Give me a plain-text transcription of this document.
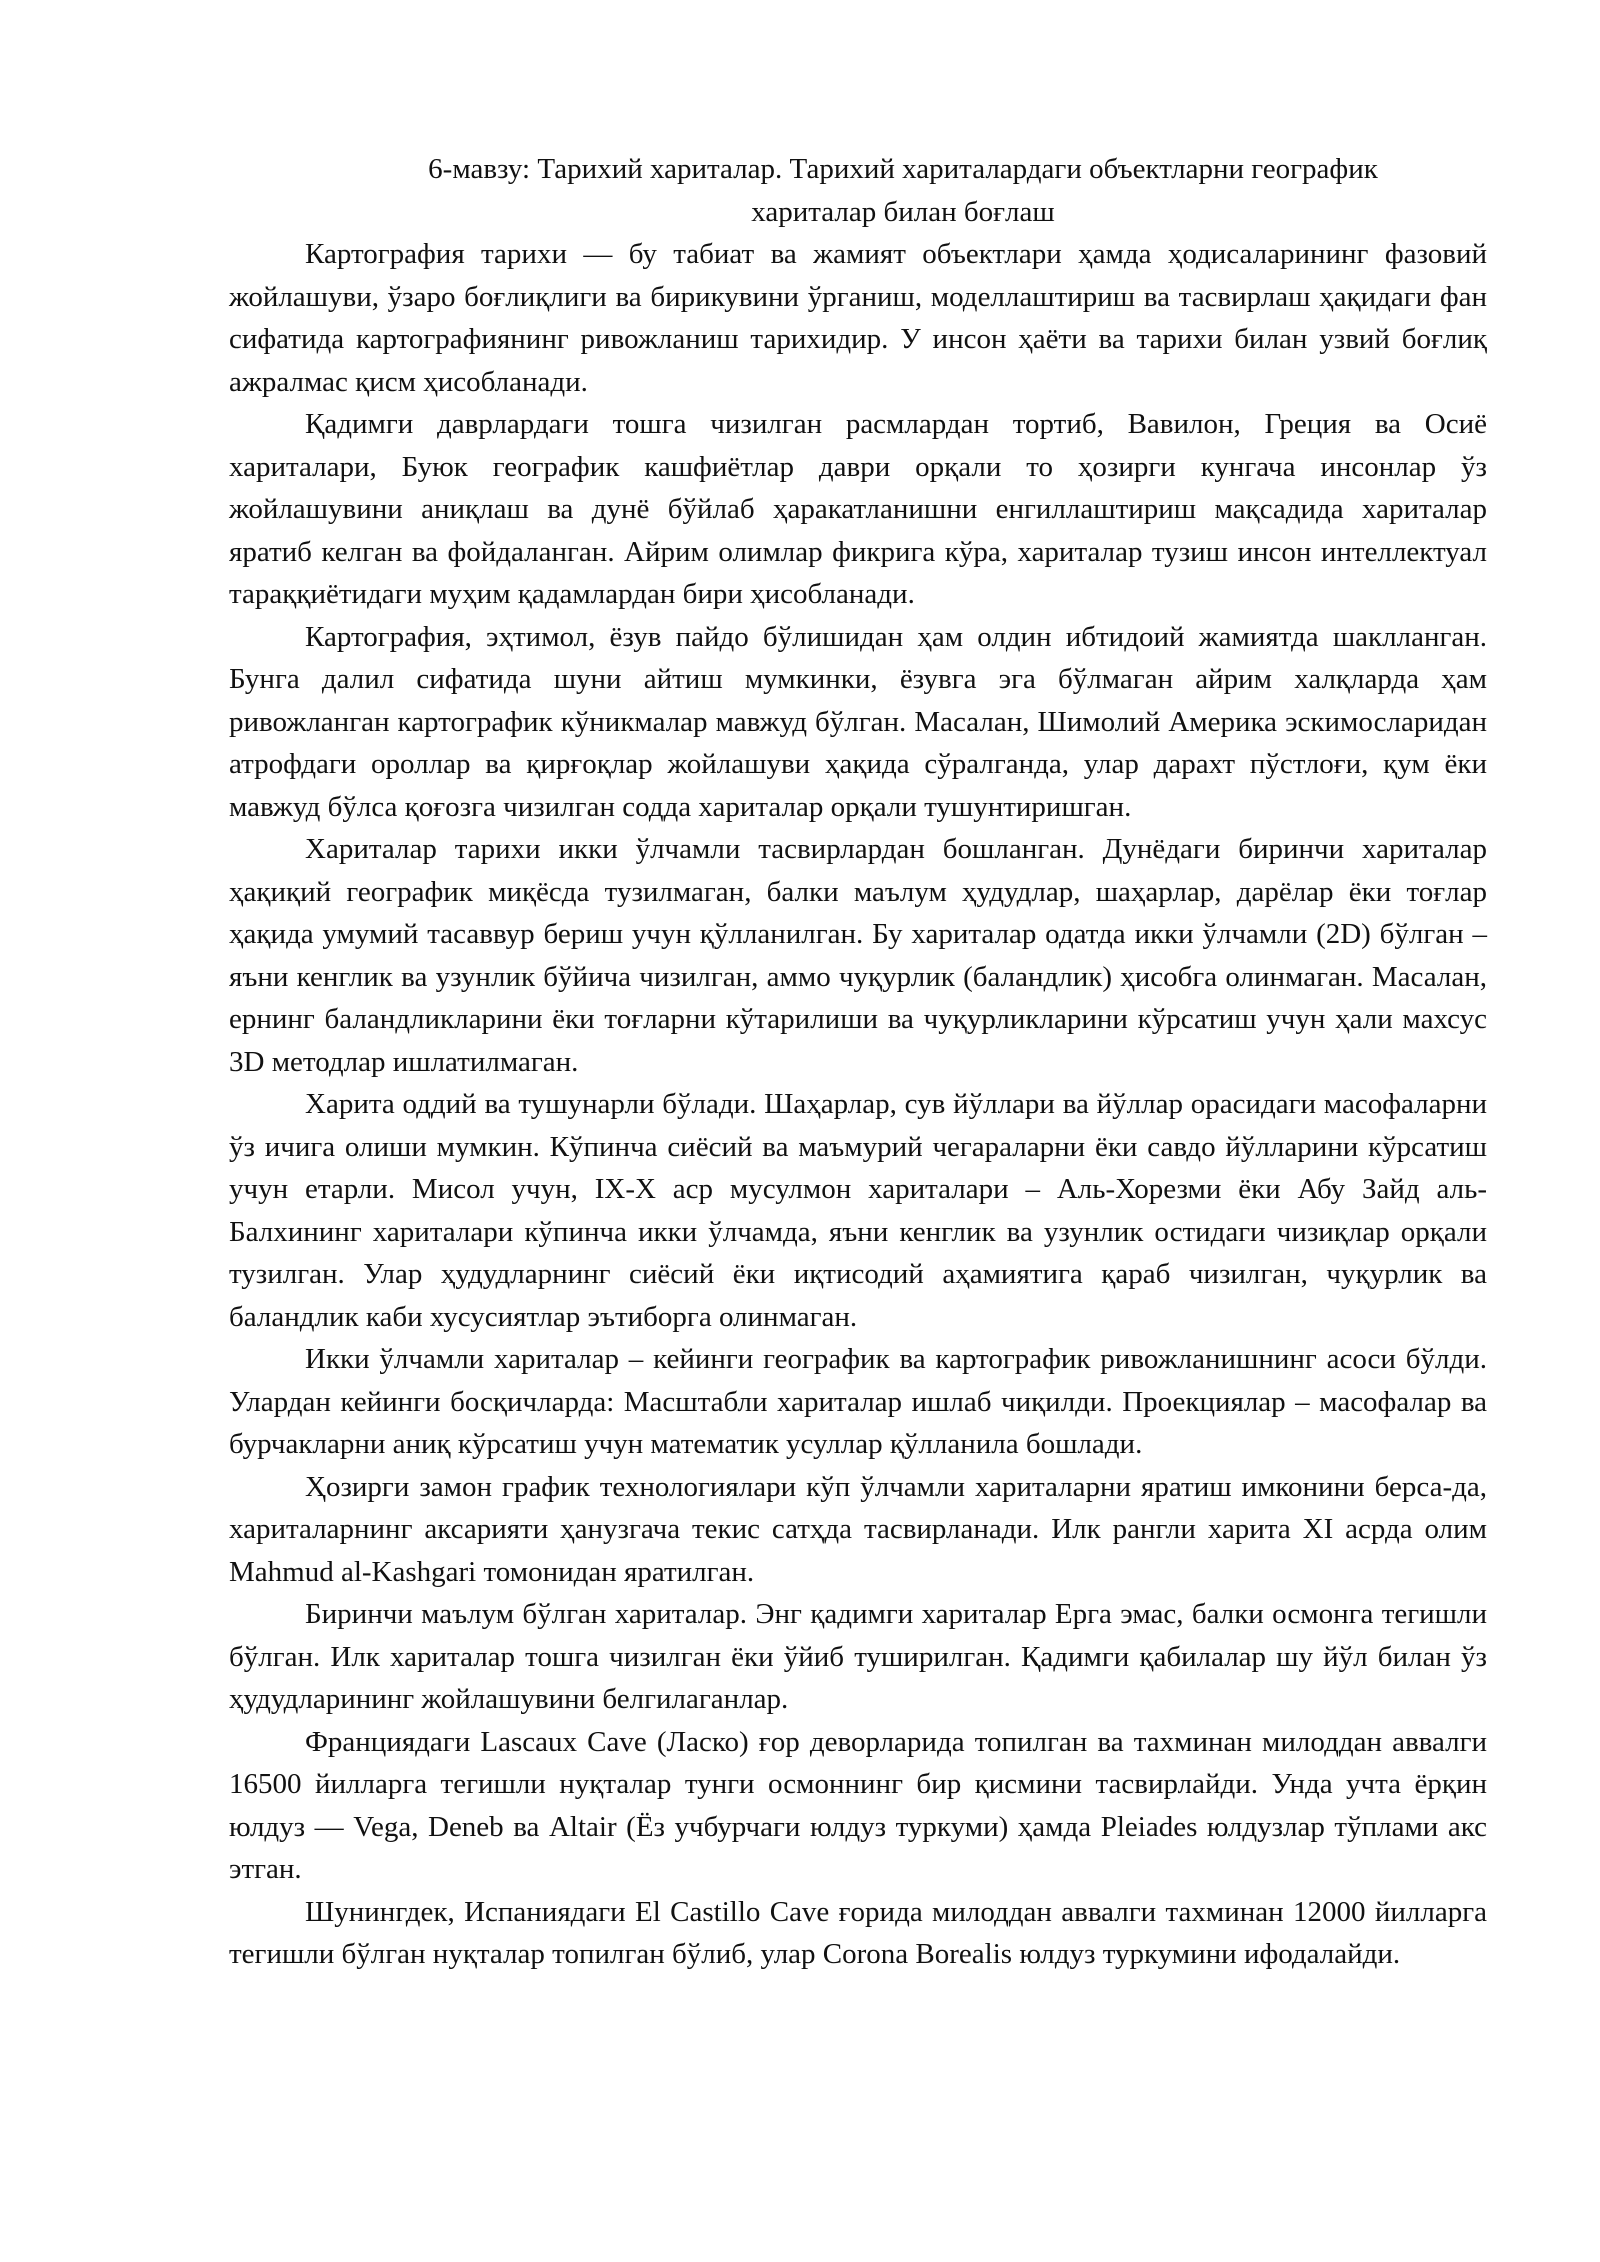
6-мавзу: Тарихий хариталар. Тарихий хариталардаги объектларни географик
хариталар билан боғлаш

Картография тарихи — бу табиат ва жамият объектлари ҳамда ҳодисаларининг фазовий жойлашуви, ўзаро боғлиқлиги ва бирикувини ўрганиш, моделлаштириш ва тасвирлаш ҳақидаги фан сифатида картографиянинг ривожланиш тарихидир. У инсон ҳаёти ва тарихи билан узвий боғлиқ ажралмас қисм ҳисобланади.

Қадимги даврлардаги тошга чизилган расмлардан тортиб, Вавилон, Греция ва Осиё хариталари, Буюк географик кашфиётлар даври орқали то ҳозирги кунгача инсонлар ўз жойлашувини аниқлаш ва дунё бўйлаб ҳаракатланишни енгиллаштириш мақсадида хариталар яратиб келган ва фойдаланган. Айрим олимлар фикрига кўра, хариталар тузиш инсон интеллектуал тараққиётидаги муҳим қадамлардан бири ҳисобланади.

Картография, эҳтимол, ёзув пайдо бўлишидан ҳам олдин ибтидоий жамиятда шаклланган. Бунга далил сифатида шуни айтиш мумкинки, ёзувга эга бўлмаган айрим халқларда ҳам ривожланган картографик кўникмалар мавжуд бўлган. Масалан, Шимолий Америка эскимосларидан атрофдаги ороллар ва қирғоқлар жойлашуви ҳақида сўралганда, улар дарахт пўстлоғи, қум ёки мавжуд бўлса қоғозга чизилган содда хариталар орқали тушунтиришган.

Хариталар тарихи икки ўлчамли тасвирлардан бошланган. Дунёдаги биринчи хариталар ҳақиқий географик миқёсда тузилмаган, балки маълум ҳудудлар, шаҳарлар, дарёлар ёки тоғлар ҳақида умумий тасаввур бериш учун қўлланилган. Бу хариталар одатда икки ўлчамли (2D) бўлган – яъни кенглик ва узунлик бўйича чизилган, аммо чуқурлик (баландлик) ҳисобга олинмаган. Масалан, ернинг баландликларини ёки тоғларни кўтарилиши ва чуқурликларини кўрсатиш учун ҳали махсус 3D методлар ишлатилмаган.

Харита оддий ва тушунарли бўлади. Шаҳарлар, сув йўллари ва йўллар орасидаги масофаларни ўз ичига олиши мумкин. Кўпинча сиёсий ва маъмурий чегараларни ёки савдо йўлларини кўрсатиш учун етарли. Мисол учун, IX-X аср мусулмон хариталари – Аль-Хорезми ёки Абу Зайд аль-Балхининг хариталари кўпинча икки ўлчамда, яъни кенглик ва узунлик остидаги чизиқлар орқали тузилган. Улар ҳудудларнинг сиёсий ёки иқтисодий аҳамиятига қараб чизилган, чуқурлик ва баландлик каби хусусиятлар эътиборга олинмаган.

Икки ўлчамли хариталар – кейинги географик ва картографик ривожланишнинг асоси бўлди. Улардан кейинги босқичларда: Масштабли хариталар ишлаб чиқилди. Проекциялар – масофалар ва бурчакларни аниқ кўрсатиш учун математик усуллар қўлланила бошлади.

Ҳозирги замон график технологиялари кўп ўлчамли хариталарни яратиш имконини берса-да, хариталарнинг аксарияти ҳанузгача текис сатҳда тасвирланади. Илк рангли харита XI асрда олим Mahmud al-Kashgari томонидан яратилган.

Биринчи маълум бўлган хариталар. Энг қадимги хариталар Ерга эмас, балки осмонга тегишли бўлган. Илк хариталар тошга чизилган ёки ўйиб туширилган. Қадимги қабилалар шу йўл билан ўз ҳудудларининг жойлашувини белгилаганлар.

Франциядаги Lascaux Cave (Ласко) ғор деворларида топилган ва тахминан милоддан аввалги 16500 йилларга тегишли нуқталар тунги осмоннинг бир қисмини тасвирлайди. Унда учта ёрқин юлдуз — Vega, Deneb ва Altair (Ёз учбурчаги юлдуз туркуми) ҳамда Pleiades юлдузлар тўплами акс этган.

Шунингдек, Испаниядаги El Castillo Cave ғорида милоддан аввалги тахминан 12000 йилларга тегишли бўлган нуқталар топилган бўлиб, улар Corona Borealis юлдуз туркумини ифодалайди.
